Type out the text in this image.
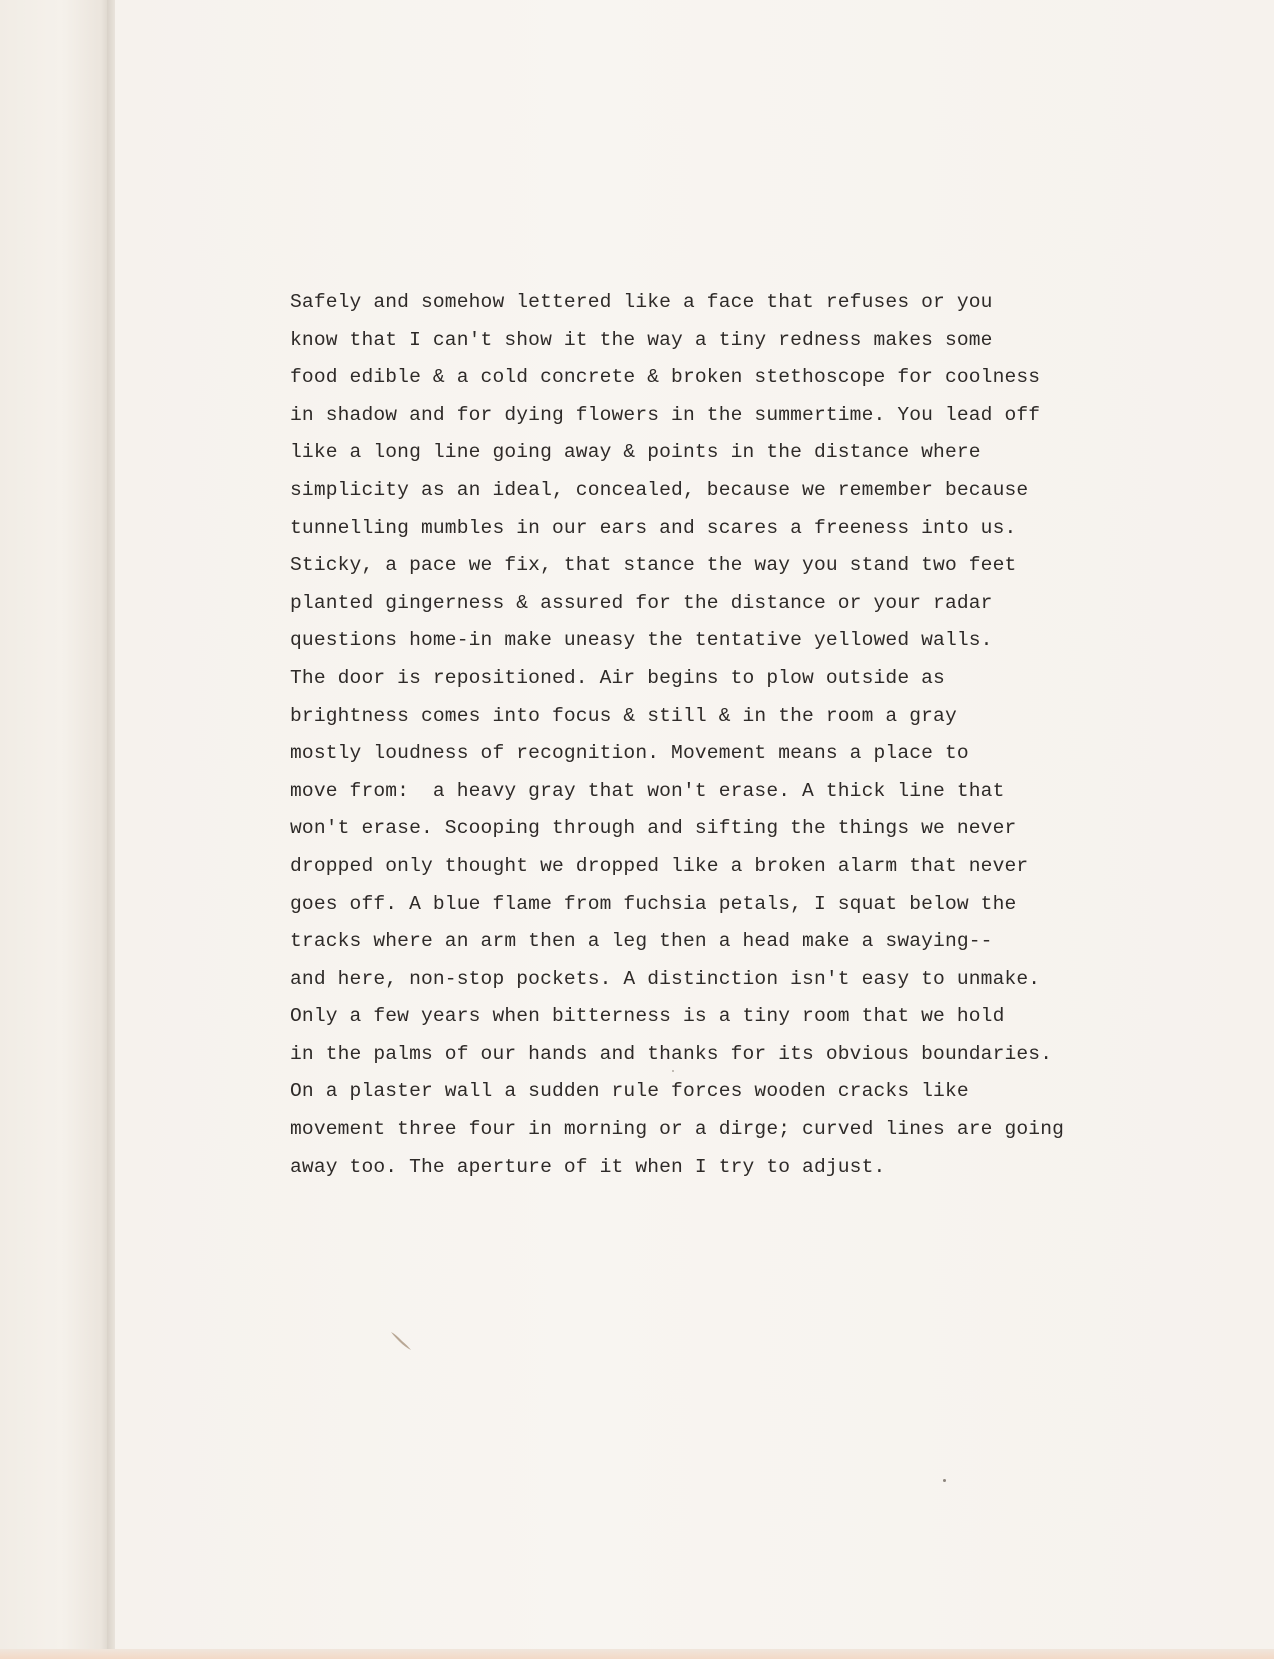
Safely and somehow lettered like a face that refuses or you
know that I can't show it the way a tiny redness makes some
food edible & a cold concrete & broken stethoscope for coolness
in shadow and for dying flowers in the summertime. You lead off
like a long line going away & points in the distance where
simplicity as an ideal, concealed, because we remember because
tunnelling mumbles in our ears and scares a freeness into us.
Sticky, a pace we fix, that stance the way you stand two feet
planted gingerness & assured for the distance or your radar
questions home-in make uneasy the tentative yellowed walls.
The door is repositioned. Air begins to plow outside as
brightness comes into focus & still & in the room a gray
mostly loudness of recognition. Movement means a place to
move from:  a heavy gray that won't erase. A thick line that
won't erase. Scooping through and sifting the things we never
dropped only thought we dropped like a broken alarm that never
goes off. A blue flame from fuchsia petals, I squat below the
tracks where an arm then a leg then a head make a swaying--
and here, non-stop pockets. A distinction isn't easy to unmake.
Only a few years when bitterness is a tiny room that we hold
in the palms of our hands and thanks for its obvious boundaries.
On a plaster wall a sudden rule forces wooden cracks like
movement three four in morning or a dirge; curved lines are going
away too. The aperture of it when I try to adjust.
